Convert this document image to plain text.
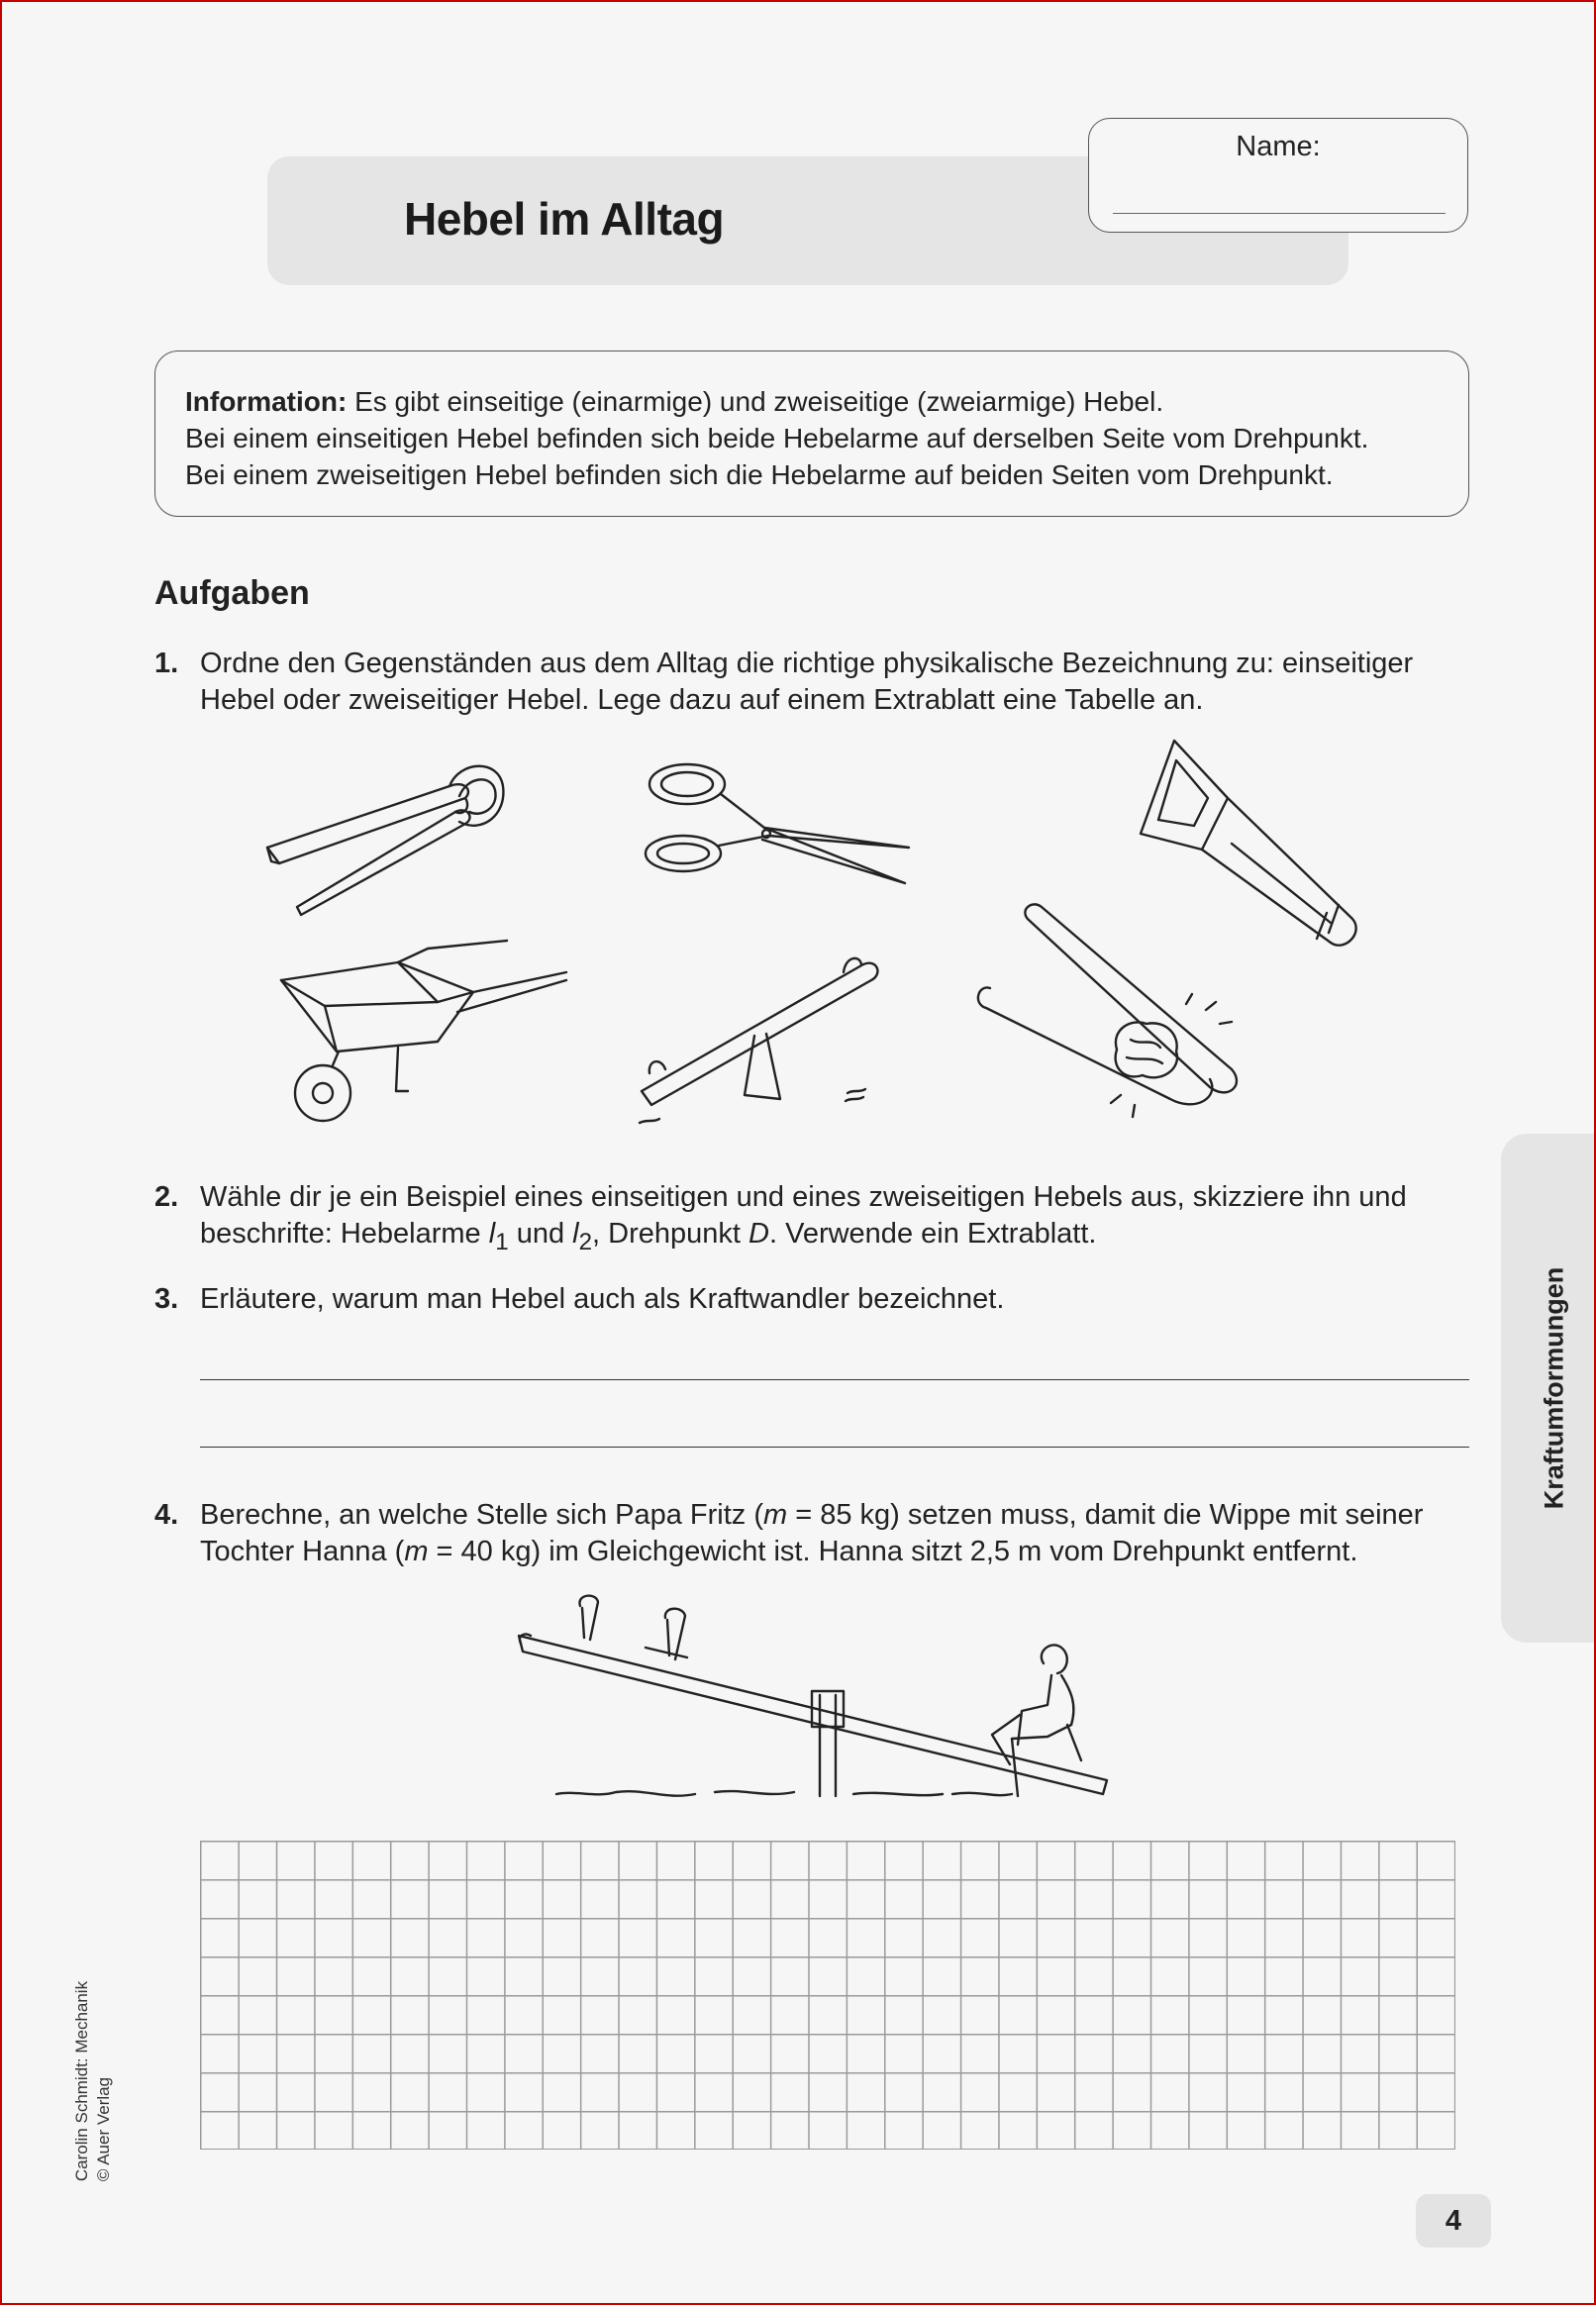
Hebel im Alltag
Name:

Information: Es gibt einseitige (einarmige) und zweiseitige (zweiarmige) Hebel.

Bei einem einseitigen Hebel befinden sich beide Hebelarme auf derselben Seite vom Drehpunkt.

Bei einem zweiseitigen Hebel befinden sich die Hebelarme auf beiden Seiten vom Drehpunkt.

Aufgaben
1. Ordne den Gegenständen aus dem Alltag die richtige physikalische Bezeichnung zu: einseitiger Hebel oder zweiseitiger Hebel. Lege dazu auf einem Extrablatt eine Tabelle an.
2. Wähle dir je ein Beispiel eines einseitigen und eines zweiseitigen Hebels aus, skizziere ihn und beschrifte: Hebelarme $l_1$ und $l_2$, Drehpunkt D. Verwende ein Extrablatt.
3. Erläutere, warum man Hebel auch als Kraftwandler bezeichnet.
4. Berechne, an welche Stelle sich Papa Fritz (m = 85 kg) setzen muss, damit die Wippe mit seiner Tochter Hanna (m = 40 kg) im Gleichgewicht ist. Hanna sitzt 2,5 m vom Drehpunkt entfernt.
Kraftumformungen
Carolin Schmidt: Mechanik © Auer Verlag
4
